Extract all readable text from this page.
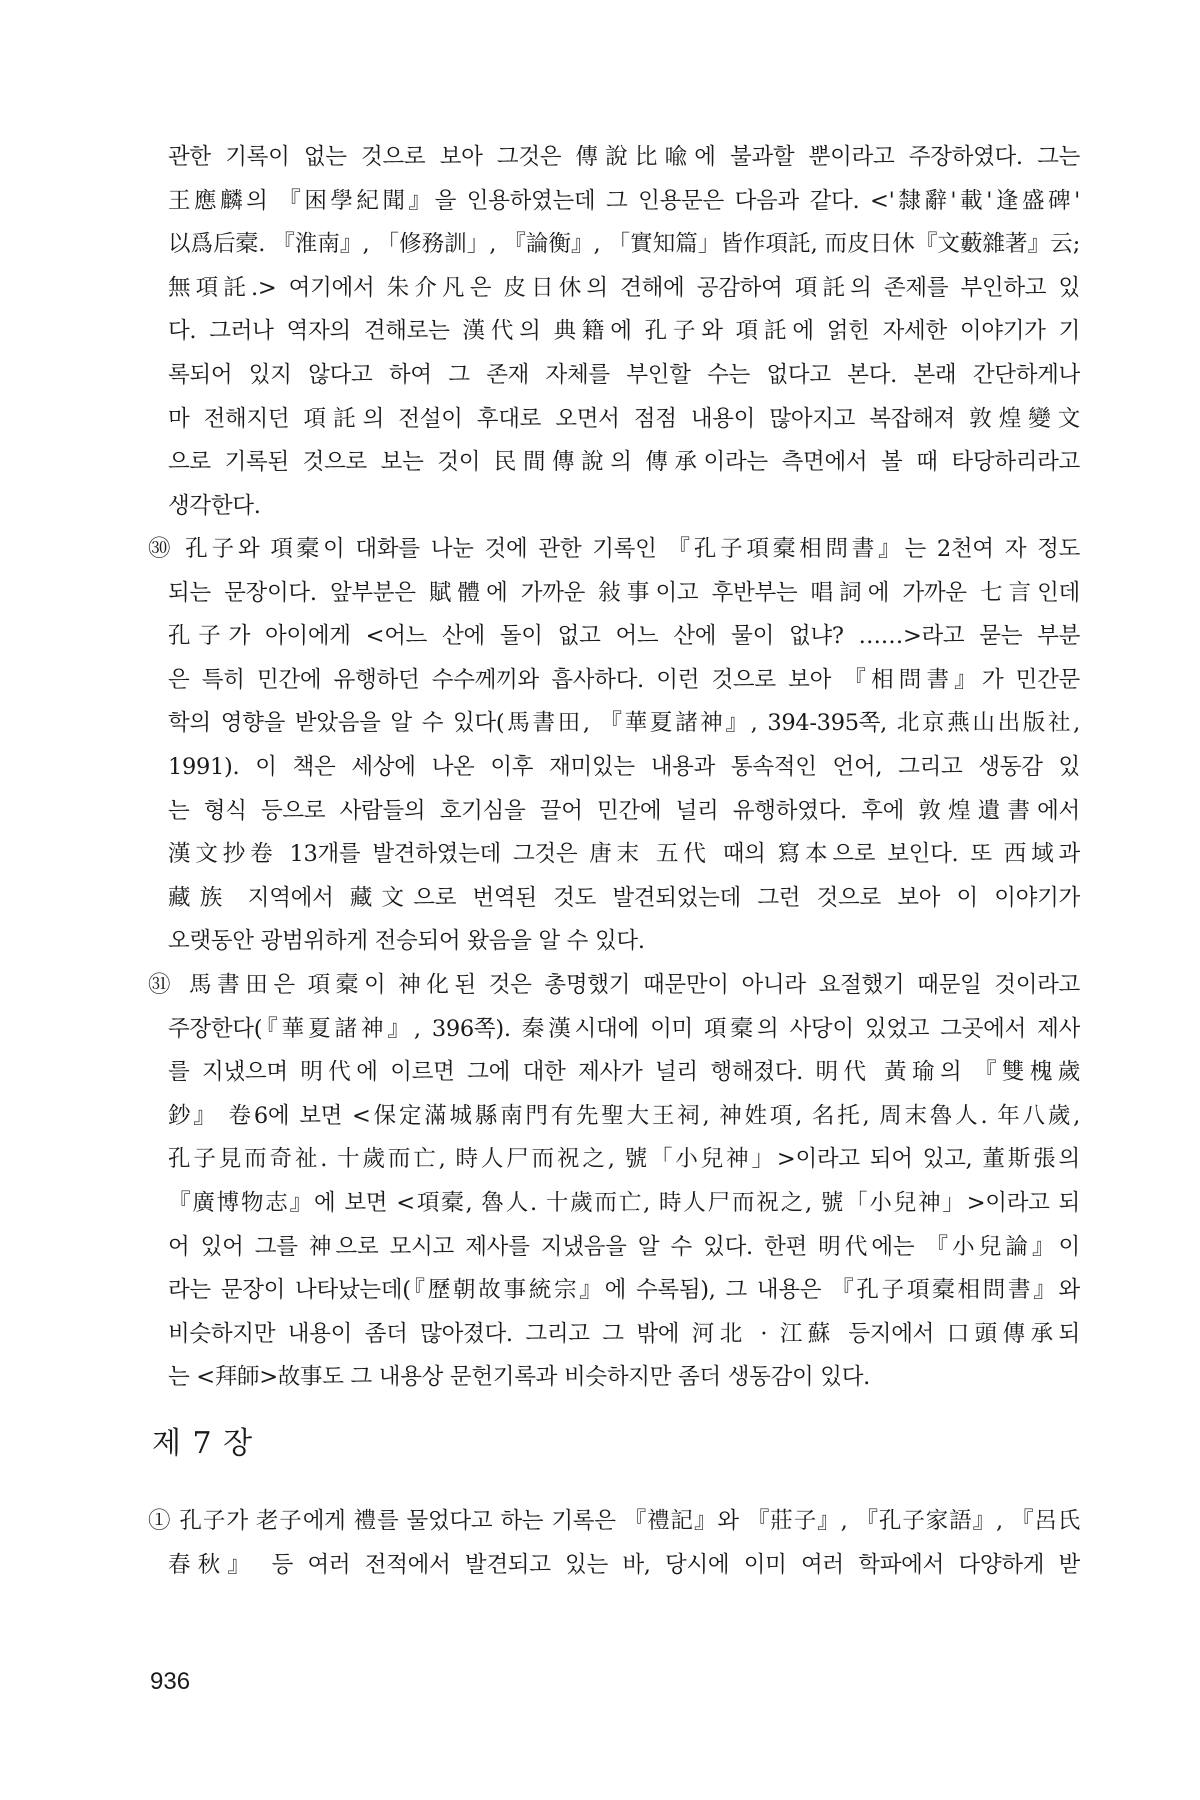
관한 기록이 없는 것으로 보아 그것은 傳說比喩에 불과할 뿐이라고 주장하였다. 그는
王應麟의 『困學紀聞』을 인용하였는데 그 인용문은 다음과 같다. <'隸辭'載'逢盛碑'
以爲后槖. 『淮南』, 「修務訓」, 『論衡』, 「實知篇」皆作項託, 而皮日休『文藪雜著』云;
無項託.> 여기에서 朱介凡은 皮日休의 견해에 공감하여 項託의 존제를 부인하고 있
다. 그러나 역자의 견해로는 漢代의 典籍에 孔子와 項託에 얽힌 자세한 이야기가 기
록되어 있지 않다고 하여 그 존재 자체를 부인할 수는 없다고 본다. 본래 간단하게나
마 전해지던 項託의 전설이 후대로 오면서 점점 내용이 많아지고 복잡해져 敦煌變文
으로 기록된 것으로 보는 것이 民間傳說의 傳承이라는 측면에서 볼 때 타당하리라고
생각한다.
㉚ 孔子와 項槖이 대화를 나눈 것에 관한 기록인 『孔子項槖相問書』는 2천여 자 정도
되는 문장이다. 앞부분은 賦體에 가까운 敍事이고 후반부는 唱詞에 가까운 七言인데
孔子가 아이에게 <어느 산에 돌이 없고 어느 산에 물이 없냐? ……>라고 묻는 부분
은 특히 민간에 유행하던 수수께끼와 흡사하다. 이런 것으로 보아 『相問書』가 민간문
학의 영향을 받았음을 알 수 있다(馬書田, 『華夏諸神』, 394-395쪽, 北京燕山出版社,
1991). 이 책은 세상에 나온 이후 재미있는 내용과 통속적인 언어, 그리고 생동감 있
는 형식 등으로 사람들의 호기심을 끌어 민간에 널리 유행하였다. 후에 敦煌遺書에서
漢文抄卷 13개를 발견하였는데 그것은 唐末 五代 때의 寫本으로 보인다. 또 西域과
藏族 지역에서 藏文으로 번역된 것도 발견되었는데 그런 것으로 보아 이 이야기가
오랫동안 광범위하게 전승되어 왔음을 알 수 있다.
㉛ 馬書田은 項槖이 神化된 것은 총명했기 때문만이 아니라 요절했기 때문일 것이라고
주장한다(『華夏諸神』, 396쪽). 秦漢시대에 이미 項槖의 사당이 있었고 그곳에서 제사
를 지냈으며 明代에 이르면 그에 대한 제사가 널리 행해졌다. 明代 黃瑜의 『雙槐歲
鈔』 卷6에 보면 <保定滿城縣南門有先聖大王祠, 神姓項, 名托, 周末魯人. 年八歲,
孔子見而奇祉. 十歲而亡, 時人尸而祝之, 號「小兒神」>이라고 되어 있고, 董斯張의
『廣博物志』에 보면 <項槖, 魯人. 十歲而亡, 時人尸而祝之, 號「小兒神」>이라고 되
어 있어 그를 神으로 모시고 제사를 지냈음을 알 수 있다. 한편 明代에는 『小兒論』이
라는 문장이 나타났는데(『歷朝故事統宗』에 수록됨), 그 내용은 『孔子項槖相問書』와
비슷하지만 내용이 좀더 많아졌다. 그리고 그 밖에 河北 · 江蘇 등지에서 口頭傳承되
는 <拜師>故事도 그 내용상 문헌기록과 비슷하지만 좀더 생동감이 있다.
제 7 장
① 孔子가 老子에게 禮를 물었다고 하는 기록은 『禮記』와 『莊子』, 『孔子家語』, 『呂氏
春秋』 등 여러 전적에서 발견되고 있는 바, 당시에 이미 여러 학파에서 다양하게 받
936
